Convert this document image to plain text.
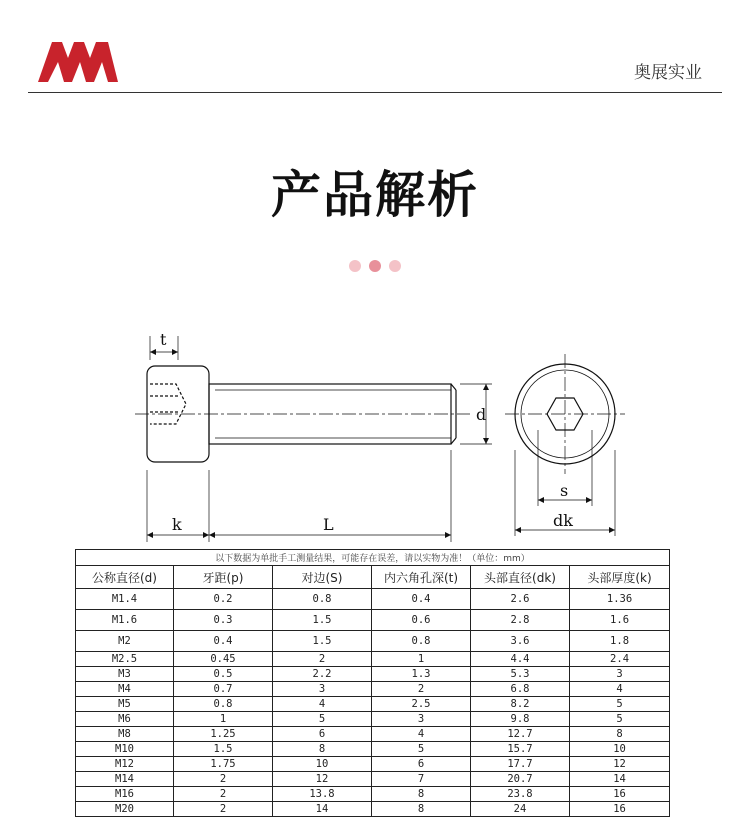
奥展实业
产品解析
t
d
k	L
s
dk
以下数据为单批手工测量结果，可能存在误差，请以实物为准！（单位：mm）					
公称直径(d)	牙距(p)	对边(S)	内六角孔深(t)	头部直径(dk)	头部厚度(k)
M1.4	0.2	0.8	0.4	2.6	1.36
M1.6	0.3	1.5	0.6	2.8	1.6
M2	0.4	1.5	0.8	3.6	1.8
M2.5	0.45	2	1	4.4	2.4
M3	0.5	2.2	1.3	5.3	3
M4	0.7	3	2	6.8	4
M5	0.8	4	2.5	8.2	5
M6	1	5	3	9.8	5
M8	1.25	6	4	12.7	8
M10	1.5	8	5	15.7	10
M12	1.75	10	6	17.7	12
M14	2	12	7	20.7	14
M16	2	13.8	8	23.8	16
M20	2	14	8	24	16
